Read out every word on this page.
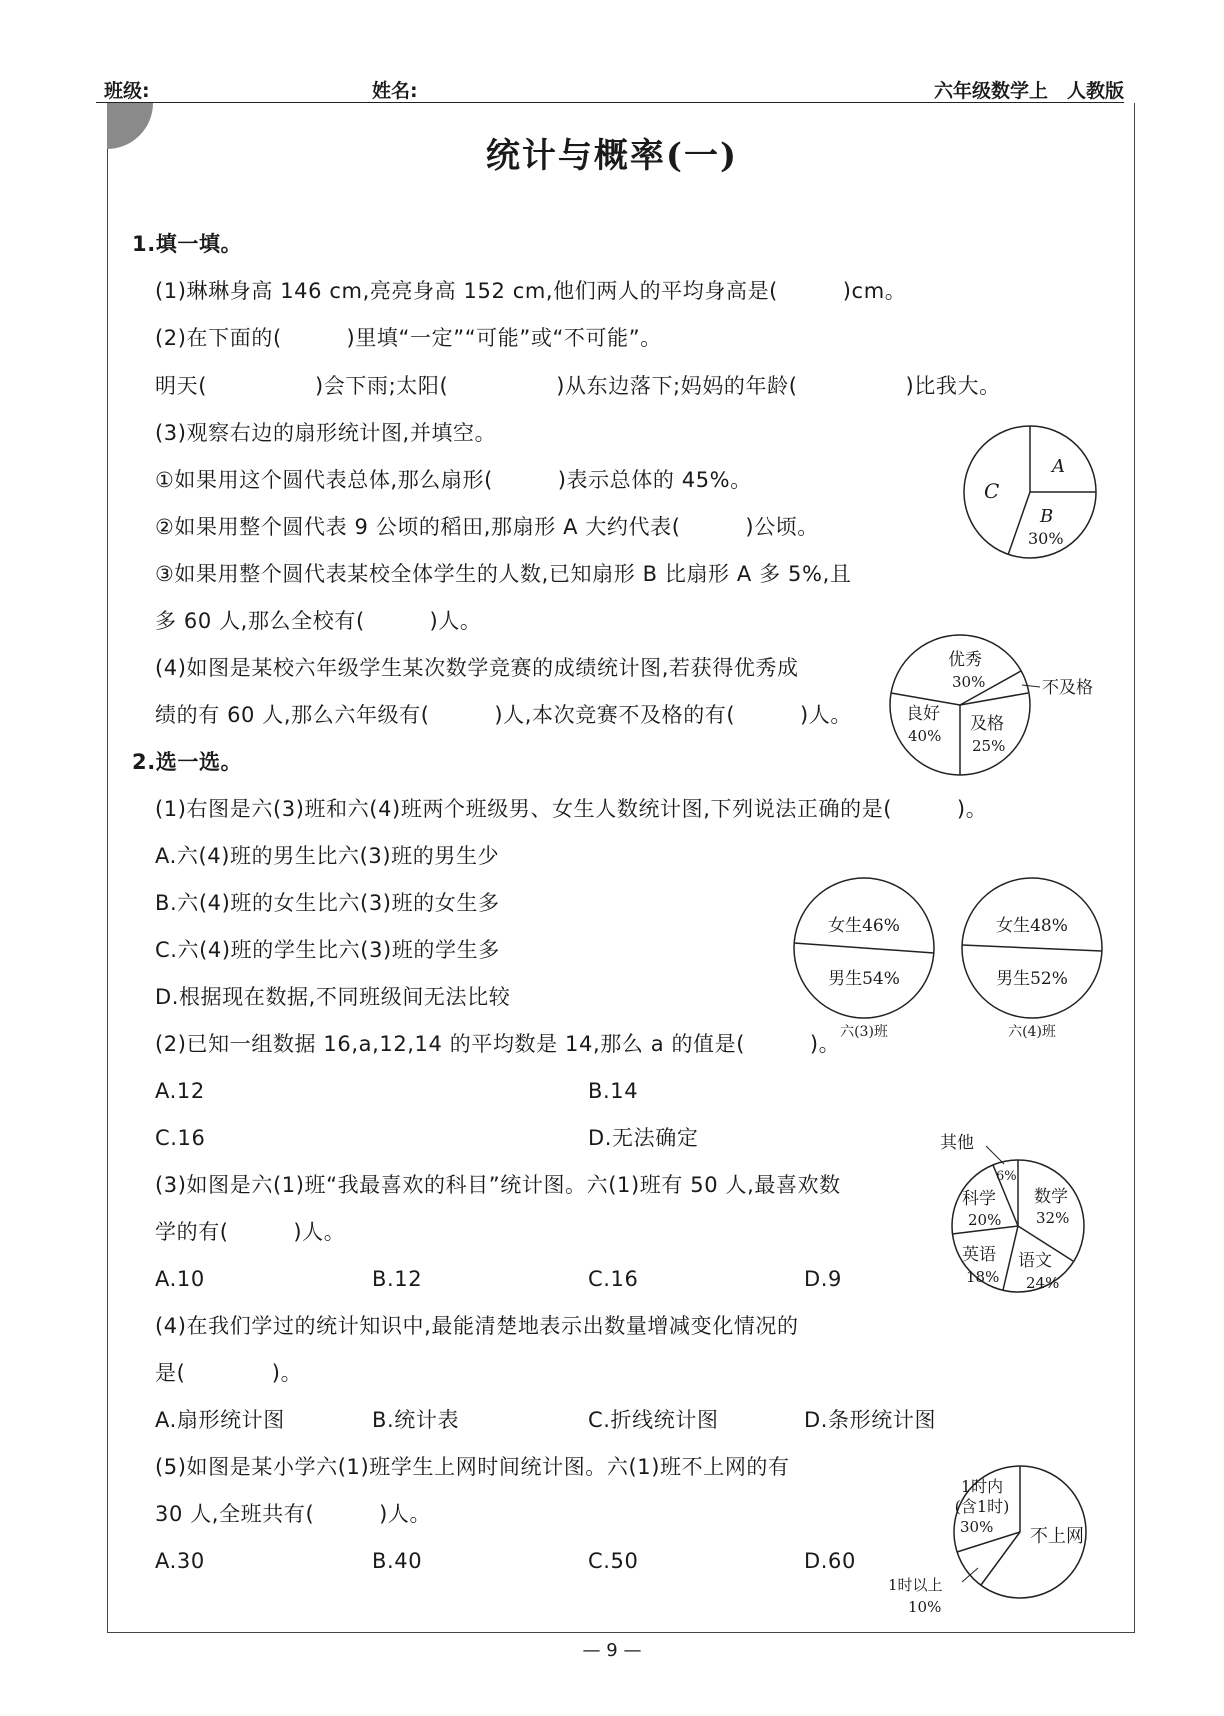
班级:	姓名:	六年级数学上　人教版
统计与概率(一)
1.填一填。
(1)琳琳身高 146 cm,亮亮身高 152 cm,他们两人的平均身高是(　　　)cm。
(2)在下面的(　　　)里填“一定”“可能”或“不可能”。
明天(　　　　　)会下雨;太阳(　　　　　)从东边落下;妈妈的年龄(　　　　　)比我大。
(3)观察右边的扇形统计图,并填空。
①如果用这个圆代表总体,那么扇形(　　　)表示总体的 45%。
②如果用整个圆代表 9 公顷的稻田,那扇形 A 大约代表(　　　)公顷。
③如果用整个圆代表某校全体学生的人数,已知扇形 B 比扇形 A 多 5%,且
多 60 人,那么全校有(　　　)人。
(4)如图是某校六年级学生某次数学竞赛的成绩统计图,若获得优秀成
绩的有 60 人,那么六年级有(　　　)人,本次竞赛不及格的有(　　　)人。
2.选一选。
(1)右图是六(3)班和六(4)班两个班级男、女生人数统计图,下列说法正确的是(　　　)。
A.六(4)班的男生比六(3)班的男生少
B.六(4)班的女生比六(3)班的女生多
C.六(4)班的学生比六(3)班的学生多
D.根据现在数据,不同班级间无法比较
(2)已知一组数据 16,a,12,14 的平均数是 14,那么 a 的值是(　　　)。
A.12	B.14
C.16	D.无法确定
(3)如图是六(1)班“我最喜欢的科目”统计图。六(1)班有 50 人,最喜欢数
学的有(　　　)人。
A.10	B.12	C.16	D.9
(4)在我们学过的统计知识中,最能清楚地表示出数量增减变化情况的
是(　　　　)。
A.扇形统计图	B.统计表	C.折线统计图	D.条形统计图
(5)如图是某小学六(1)班学生上网时间统计图。六(1)班不上网的有
30 人,全班共有(　　　)人。
A.30	B.40	C.50	D.60
A
B
30%
C
优秀
30%	不及格
及格
25%
良好
40%
女生46%
男生54%
六(3)班
女生48%
男生52%
六(4)班
其他
6%
数学
32%
科学
20%
英语
18%
语文
24%
1时内
(含1时)
30% 不上网
1时以上
10%
— 9 —
